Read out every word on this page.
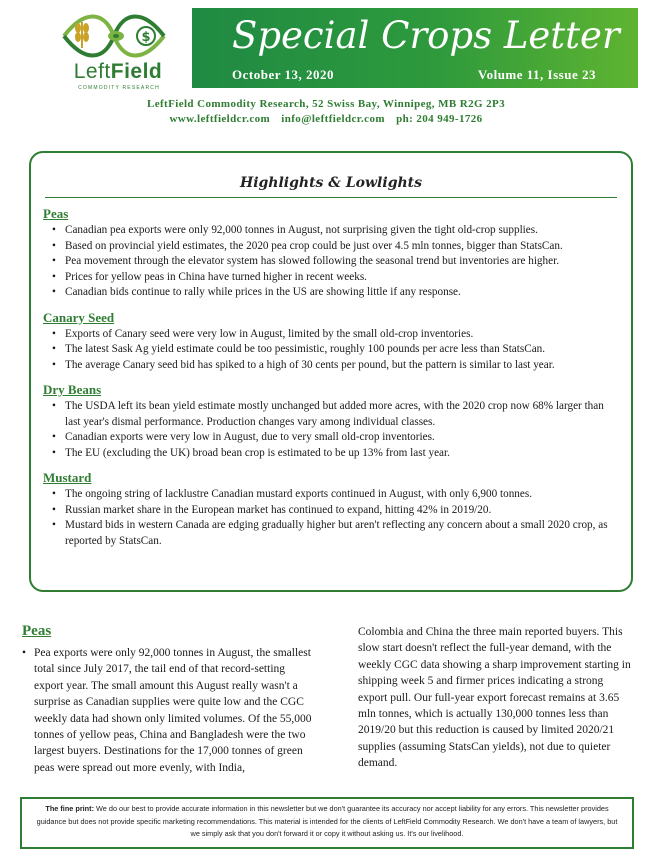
$
LeftField
COMMODITY RESEARCH
Special Crops Letter
October 13, 2020	Volume 11, Issue 23
LeftField Commodity Research, 52 Swiss Bay, Winnipeg, MB R2G 2P3
www.leftfieldcr.com info@leftfieldcr.com ph: 204 949-1726
Highlights & Lowlights
Peas
• Canadian pea exports were only 92,000 tonnes in August, not surprising given the tight old-crop supplies.
• Based on provincial yield estimates, the 2020 pea crop could be just over 4.5 mln tonnes, bigger than StatsCan.
• Pea movement through the elevator system has slowed following the seasonal trend but inventories are higher.
• Prices for yellow peas in China have turned higher in recent weeks.
• Canadian bids continue to rally while prices in the US are showing little if any response.
Canary Seed
• Exports of Canary seed were very low in August, limited by the small old-crop inventories.
• The latest Sask Ag yield estimate could be too pessimistic, roughly 100 pounds per acre less than StatsCan.
• The average Canary seed bid has spiked to a high of 30 cents per pound, but the pattern is similar to last year.
Dry Beans
• The USDA left its bean yield estimate mostly unchanged but added more acres, with the 2020 crop now 68% larger than last year's dismal performance. Production changes vary among individual classes.
• Canadian exports were very low in August, due to very small old-crop inventories.
• The EU (excluding the UK) broad bean crop is estimated to be up 13% from last year.
Mustard
• The ongoing string of lacklustre Canadian mustard exports continued in August, with only 6,900 tonnes.
• Russian market share in the European market has continued to expand, hitting 42% in 2019/20.
• Mustard bids in western Canada are edging gradually higher but aren't reflecting any concern about a small 2020 crop, as reported by StatsCan.
Peas
• Pea exports were only 92,000 tonnes in August, the smallest total since July 2017, the tail end of that record-setting export year. The small amount this August really wasn't a surprise as Canadian supplies were quite low and the CGC weekly data had shown only limited volumes. Of the 55,000 tonnes of yellow peas, China and Bangladesh were the two largest buyers. Destinations for the 17,000 tonnes of green peas were spread out more evenly, with India,
Colombia and China the three main reported buyers. This slow start doesn't reflect the full-year demand, with the weekly CGC data showing a sharp improvement starting in shipping week 5 and firmer prices indicating a strong export pull. Our full-year export forecast remains at 3.65 mln tonnes, which is actually 130,000 tonnes less than 2019/20 but this reduction is caused by limited 2020/21 supplies (assuming StatsCan yields), not due to quieter demand.
The fine print: We do our best to provide accurate information in this newsletter but we don't guarantee its accuracy nor accept liability for any errors. This newsletter provides guidance but does not provide specific marketing recommendations. This material is intended for the clients of LeftField Commodity Research. We don't have a team of lawyers, but we simply ask that you don't forward it or copy it without asking us. It's our livelihood.
